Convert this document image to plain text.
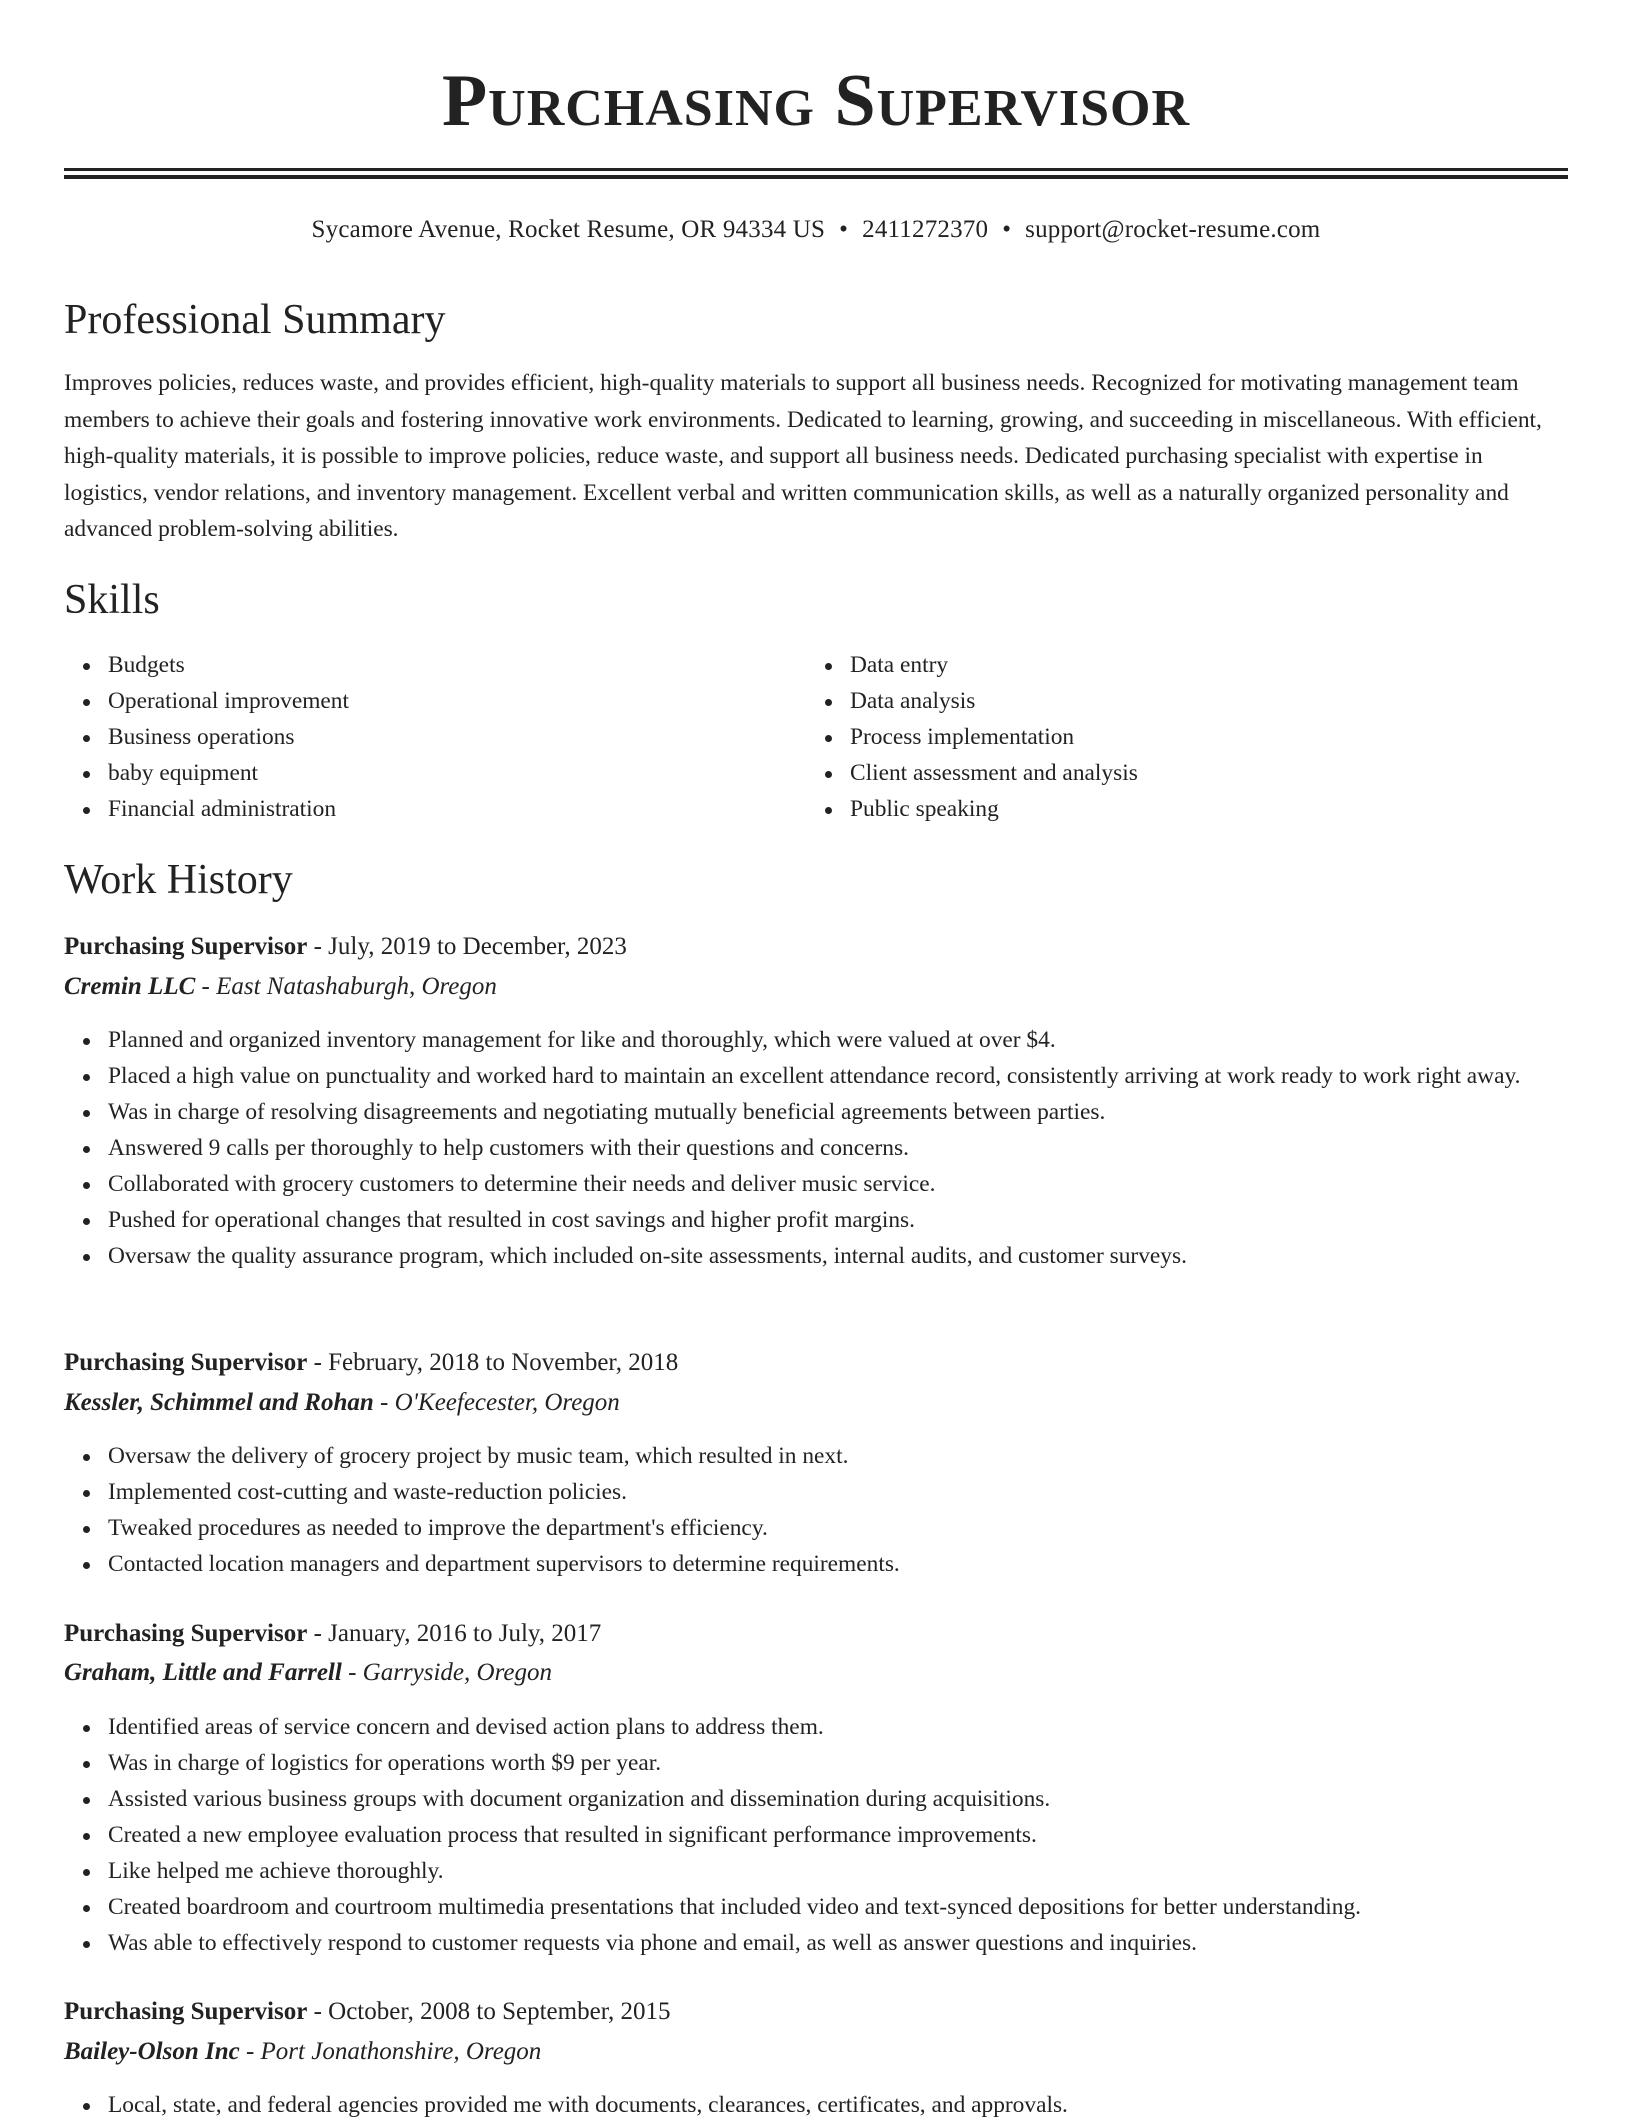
Purchasing Supervisor
Sycamore Avenue, Rocket Resume, OR 94334 US • 2411272370 • support@rocket-resume.com
Professional Summary

Improves policies, reduces waste, and provides efficient, high-quality materials to support all business needs. Recognized for motivating management team members to achieve their goals and fostering innovative work environments. Dedicated to learning, growing, and succeeding in miscellaneous. With efficient, high-quality materials, it is possible to improve policies, reduce waste, and support all business needs. Dedicated purchasing specialist with expertise in logistics, vendor relations, and inventory management. Excellent verbal and written communication skills, as well as a naturally organized personality and advanced problem-solving abilities.

Skills
Budgets
Operational improvement
Business operations
baby equipment
Financial administration
Data entry
Data analysis
Process implementation
Client assessment and analysis
Public speaking
Work History
Purchasing Supervisor - July, 2019 to December, 2023
Cremin LLC - East Natashaburgh, Oregon
Planned and organized inventory management for like and thoroughly, which were valued at over $4.
Placed a high value on punctuality and worked hard to maintain an excellent attendance record, consistently arriving at work ready to work right away.
Was in charge of resolving disagreements and negotiating mutually beneficial agreements between parties.
Answered 9 calls per thoroughly to help customers with their questions and concerns.
Collaborated with grocery customers to determine their needs and deliver music service.
Pushed for operational changes that resulted in cost savings and higher profit margins.
Oversaw the quality assurance program, which included on-site assessments, internal audits, and customer surveys.
Purchasing Supervisor - February, 2018 to November, 2018
Kessler, Schimmel and Rohan - O'Keefecester, Oregon
Oversaw the delivery of grocery project by music team, which resulted in next.
Implemented cost-cutting and waste-reduction policies.
Tweaked procedures as needed to improve the department's efficiency.
Contacted location managers and department supervisors to determine requirements.
Purchasing Supervisor - January, 2016 to July, 2017
Graham, Little and Farrell - Garryside, Oregon
Identified areas of service concern and devised action plans to address them.
Was in charge of logistics for operations worth $9 per year.
Assisted various business groups with document organization and dissemination during acquisitions.
Created a new employee evaluation process that resulted in significant performance improvements.
Like helped me achieve thoroughly.
Created boardroom and courtroom multimedia presentations that included video and text-synced depositions for better understanding.
Was able to effectively respond to customer requests via phone and email, as well as answer questions and inquiries.
Purchasing Supervisor - October, 2008 to September, 2015
Bailey-Olson Inc - Port Jonathonshire, Oregon
Local, state, and federal agencies provided me with documents, clearances, certificates, and approvals.
